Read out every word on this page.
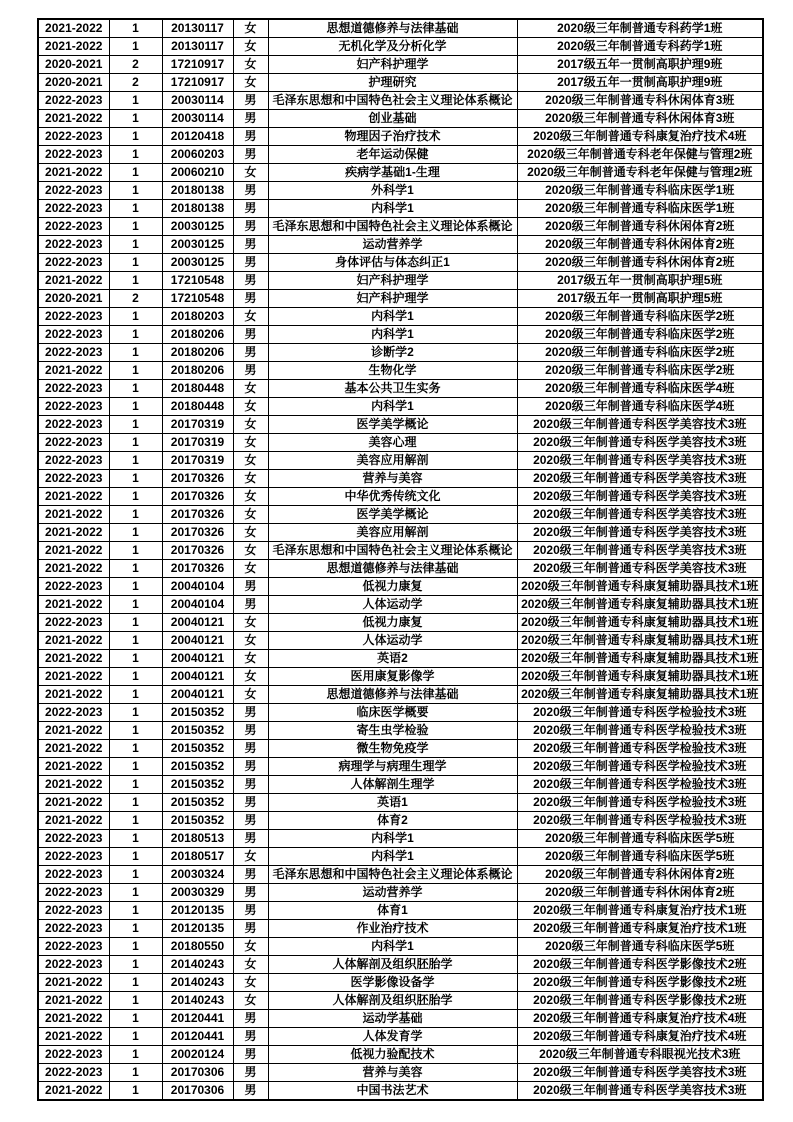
2021-2022	1	20130117	女	思想道德修养与法律基础	2020级三年制普通专科药学1班
2021-2022	1	20130117	女	无机化学及分析化学	2020级三年制普通专科药学1班
2020-2021	2	17210917	女	妇产科护理学	2017级五年一贯制高职护理9班
2020-2021	2	17210917	女	护理研究	2017级五年一贯制高职护理9班
2022-2023	1	20030114	男	毛泽东思想和中国特色社会主义理论体系概论	2020级三年制普通专科休闲体育3班
2021-2022	1	20030114	男	创业基础	2020级三年制普通专科休闲体育3班
2022-2023	1	20120418	男	物理因子治疗技术	2020级三年制普通专科康复治疗技术4班
2022-2023	1	20060203	男	老年运动保健	2020级三年制普通专科老年保健与管理2班
2021-2022	1	20060210	女	疾病学基础1-生理	2020级三年制普通专科老年保健与管理2班
2022-2023	1	20180138	男	外科学1	2020级三年制普通专科临床医学1班
2022-2023	1	20180138	男	内科学1	2020级三年制普通专科临床医学1班
2022-2023	1	20030125	男	毛泽东思想和中国特色社会主义理论体系概论	2020级三年制普通专科休闲体育2班
2022-2023	1	20030125	男	运动营养学	2020级三年制普通专科休闲体育2班
2022-2023	1	20030125	男	身体评估与体态纠正1	2020级三年制普通专科休闲体育2班
2021-2022	1	17210548	男	妇产科护理学	2017级五年一贯制高职护理5班
2020-2021	2	17210548	男	妇产科护理学	2017级五年一贯制高职护理5班
2022-2023	1	20180203	女	内科学1	2020级三年制普通专科临床医学2班
2022-2023	1	20180206	男	内科学1	2020级三年制普通专科临床医学2班
2022-2023	1	20180206	男	诊断学2	2020级三年制普通专科临床医学2班
2021-2022	1	20180206	男	生物化学	2020级三年制普通专科临床医学2班
2022-2023	1	20180448	女	基本公共卫生实务	2020级三年制普通专科临床医学4班
2022-2023	1	20180448	女	内科学1	2020级三年制普通专科临床医学4班
2022-2023	1	20170319	女	医学美学概论	2020级三年制普通专科医学美容技术3班
2022-2023	1	20170319	女	美容心理	2020级三年制普通专科医学美容技术3班
2022-2023	1	20170319	女	美容应用解剖	2020级三年制普通专科医学美容技术3班
2022-2023	1	20170326	女	营养与美容	2020级三年制普通专科医学美容技术3班
2021-2022	1	20170326	女	中华优秀传统文化	2020级三年制普通专科医学美容技术3班
2021-2022	1	20170326	女	医学美学概论	2020级三年制普通专科医学美容技术3班
2021-2022	1	20170326	女	美容应用解剖	2020级三年制普通专科医学美容技术3班
2021-2022	1	20170326	女	毛泽东思想和中国特色社会主义理论体系概论	2020级三年制普通专科医学美容技术3班
2021-2022	1	20170326	女	思想道德修养与法律基础	2020级三年制普通专科医学美容技术3班
2022-2023	1	20040104	男	低视力康复	2020级三年制普通专科康复辅助器具技术1班
2021-2022	1	20040104	男	人体运动学	2020级三年制普通专科康复辅助器具技术1班
2022-2023	1	20040121	女	低视力康复	2020级三年制普通专科康复辅助器具技术1班
2021-2022	1	20040121	女	人体运动学	2020级三年制普通专科康复辅助器具技术1班
2021-2022	1	20040121	女	英语2	2020级三年制普通专科康复辅助器具技术1班
2021-2022	1	20040121	女	医用康复影像学	2020级三年制普通专科康复辅助器具技术1班
2021-2022	1	20040121	女	思想道德修养与法律基础	2020级三年制普通专科康复辅助器具技术1班
2022-2023	1	20150352	男	临床医学概要	2020级三年制普通专科医学检验技术3班
2021-2022	1	20150352	男	寄生虫学检验	2020级三年制普通专科医学检验技术3班
2021-2022	1	20150352	男	微生物免疫学	2020级三年制普通专科医学检验技术3班
2021-2022	1	20150352	男	病理学与病理生理学	2020级三年制普通专科医学检验技术3班
2021-2022	1	20150352	男	人体解剖生理学	2020级三年制普通专科医学检验技术3班
2021-2022	1	20150352	男	英语1	2020级三年制普通专科医学检验技术3班
2021-2022	1	20150352	男	体育2	2020级三年制普通专科医学检验技术3班
2022-2023	1	20180513	男	内科学1	2020级三年制普通专科临床医学5班
2022-2023	1	20180517	女	内科学1	2020级三年制普通专科临床医学5班
2022-2023	1	20030324	男	毛泽东思想和中国特色社会主义理论体系概论	2020级三年制普通专科休闲体育2班
2022-2023	1	20030329	男	运动营养学	2020级三年制普通专科休闲体育2班
2022-2023	1	20120135	男	体育1	2020级三年制普通专科康复治疗技术1班
2022-2023	1	20120135	男	作业治疗技术	2020级三年制普通专科康复治疗技术1班
2022-2023	1	20180550	女	内科学1	2020级三年制普通专科临床医学5班
2022-2023	1	20140243	女	人体解剖及组织胚胎学	2020级三年制普通专科医学影像技术2班
2021-2022	1	20140243	女	医学影像设备学	2020级三年制普通专科医学影像技术2班
2021-2022	1	20140243	女	人体解剖及组织胚胎学	2020级三年制普通专科医学影像技术2班
2021-2022	1	20120441	男	运动学基础	2020级三年制普通专科康复治疗技术4班
2021-2022	1	20120441	男	人体发育学	2020级三年制普通专科康复治疗技术4班
2022-2023	1	20020124	男	低视力验配技术	2020级三年制普通专科眼视光技术3班
2022-2023	1	20170306	男	营养与美容	2020级三年制普通专科医学美容技术3班
2021-2022	1	20170306	男	中国书法艺术	2020级三年制普通专科医学美容技术3班
